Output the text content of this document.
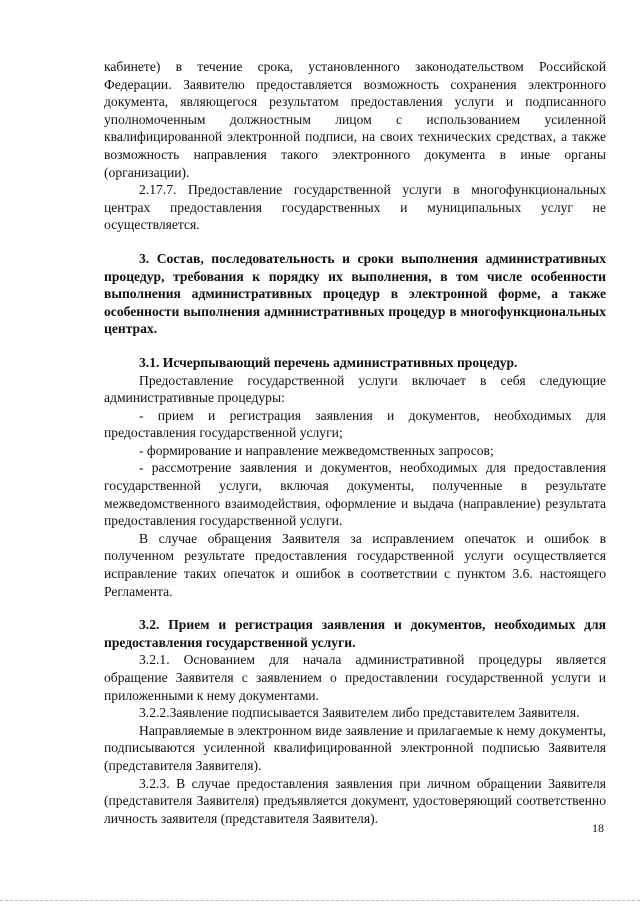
кабинете) в течение срока, установленного законодательством Российской Федерации. Заявителю предоставляется возможность сохранения электронного документа, являющегося результатом предоставления услуги и подписанного уполномоченным должностным лицом с использованием усиленной квалифицированной электронной подписи, на своих технических средствах, а также возможность направления такого электронного документа в иные органы (организации).

2.17.7. Предоставление государственной услуги в многофункциональных центрах предоставления государственных и муниципальных услуг не осуществляется.

3. Состав, последовательность и сроки выполнения административных процедур, требования к порядку их выполнения, в том числе особенности выполнения административных процедур в электронной форме, а также особенности выполнения административных процедур в многофункциональных центрах.

3.1. Исчерпывающий перечень административных процедур.

Предоставление государственной услуги включает в себя следующие административные процедуры:

- прием и регистрация заявления и документов, необходимых для предоставления государственной услуги;

- формирование и направление межведомственных запросов;

- рассмотрение заявления и документов, необходимых для предоставления государственной услуги, включая документы, полученные в результате межведомственного взаимодействия, оформление и выдача (направление) результата предоставления государственной услуги.

В случае обращения Заявителя за исправлением опечаток и ошибок в полученном результате предоставления государственной услуги осуществляется исправление таких опечаток и ошибок в соответствии с пунктом 3.6. настоящего Регламента.

3.2. Прием и регистрация заявления и документов, необходимых для предоставления государственной услуги.

3.2.1. Основанием для начала административной процедуры является обращение Заявителя с заявлением о предоставлении государственной услуги и приложенными к нему документами.

3.2.2.Заявление подписывается Заявителем либо представителем Заявителя.

Направляемые в электронном виде заявление и прилагаемые к нему документы, подписываются усиленной квалифицированной электронной подписью Заявителя (представителя Заявителя).

3.2.3. В случае предоставления заявления при личном обращении Заявителя (представителя Заявителя) предъявляется документ, удостоверяющий соответственно личность заявителя (представителя Заявителя).

18
